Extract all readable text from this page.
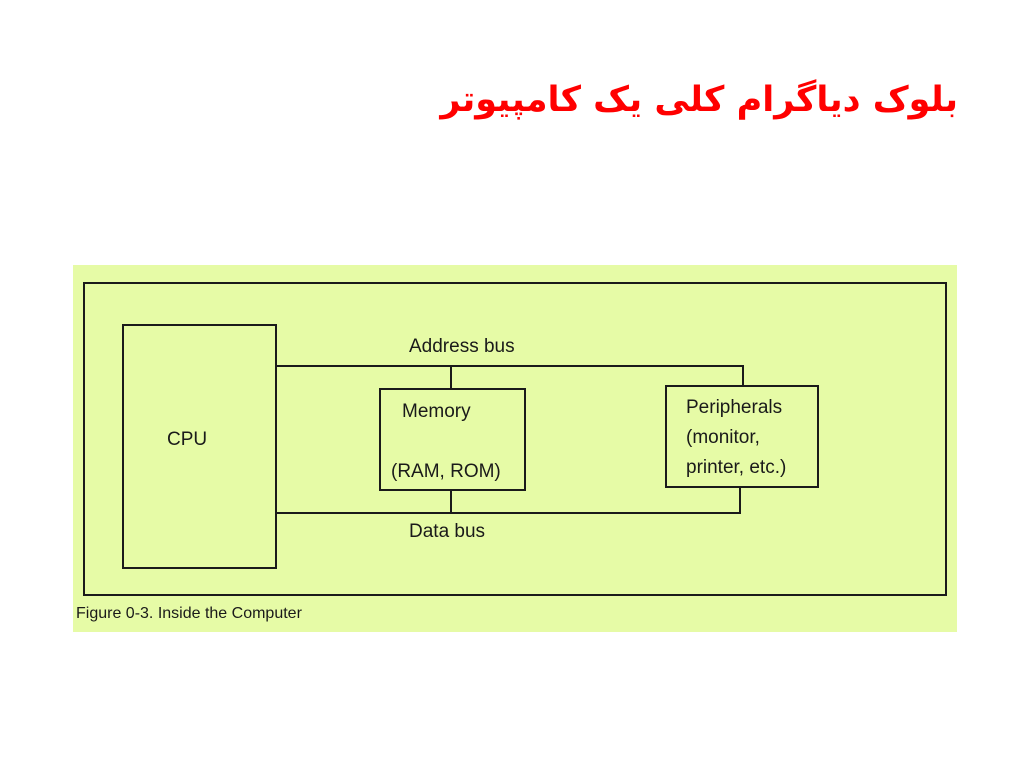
بلوک دیاگرام کلی یک کامپیوتر
CPU
Memory
(RAM, ROM)
Peripherals
(monitor,
printer, etc.)
Address bus
Data bus
Figure 0-3. Inside the Computer
